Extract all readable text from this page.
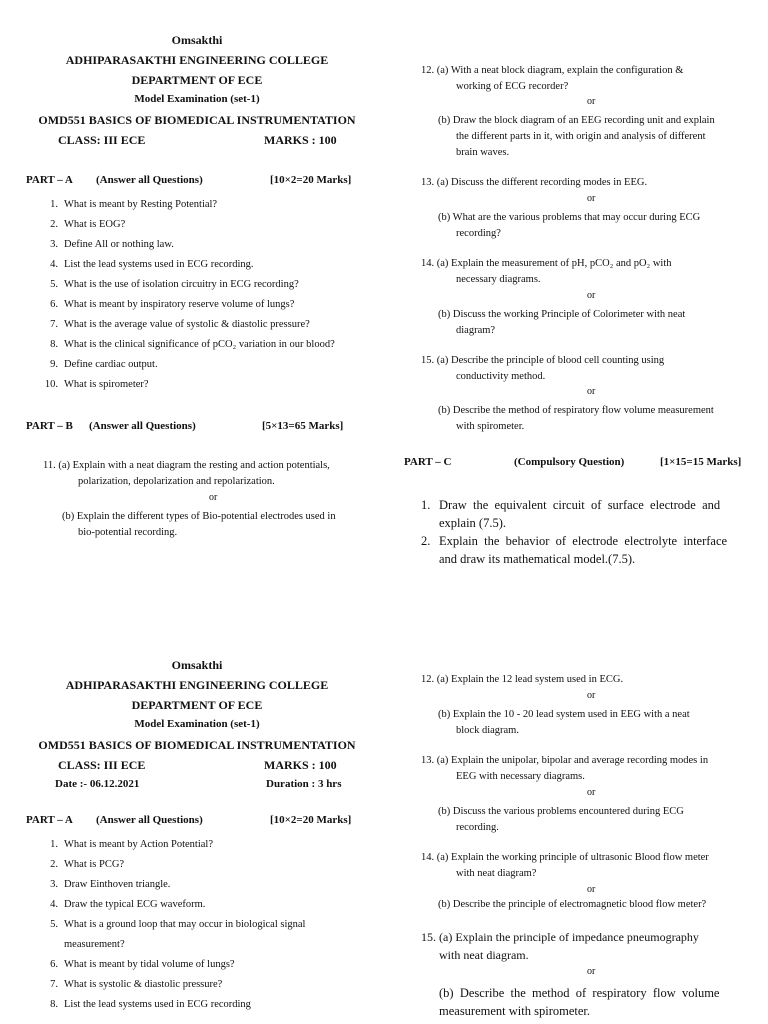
Omsakthi
ADHIPARASAKTHI ENGINEERING COLLEGE
DEPARTMENT OF ECE
Model Examination (set-1)
OMD551 BASICS OF BIOMEDICAL INSTRUMENTATION
CLASS: III ECE	MARKS : 100
PART – A (Answer all Questions)	[10×2=20 Marks]
1. What is meant by Resting Potential?
2. What is EOG?
3. Define All or nothing law.
4. List the lead systems used in ECG recording.
5. What is the use of isolation circuitry in ECG recording?
6. What is meant by inspiratory reserve volume of lungs?
7. What is the average value of systolic & diastolic pressure?
8. What is the clinical significance of pCO₂ variation in our blood?
9. Define cardiac output.
10. What is spirometer?
PART – B (Answer all Questions)	[5×13=65 Marks]
11. (a) Explain with a neat diagram the resting and action potentials,
polarization, depolarization and repolarization.
or
(b) Explain the different types of Bio-potential electrodes used in
bio-potential recording.
12. (a) With a neat block diagram, explain the configuration &
working of ECG recorder?
or
(b) Draw the block diagram of an EEG recording unit and explain
the different parts in it, with origin and analysis of different
brain waves.
13. (a) Discuss the different recording modes in EEG.
or
(b) What are the various problems that may occur during ECG
recording?
14. (a) Explain the measurement of pH, pCO₂ and pO₂ with
necessary diagrams.
or
(b) Discuss the working Principle of Colorimeter with neat
diagram?
15. (a) Describe the principle of blood cell counting using
conductivity method.
or
(b) Describe the method of respiratory flow volume measurement
with spirometer.
PART – C	(Compulsory Question)	[1×15=15 Marks]
1. Draw  the  equivalent  circuit  of  surface  electrode  and
explain (7.5).
2. Explain  the  behavior  of  electrode  electrolyte  interface
and draw its mathematical model.(7.5).
Omsakthi
ADHIPARASAKTHI ENGINEERING COLLEGE
DEPARTMENT OF ECE
Model Examination (set-1)
OMD551 BASICS OF BIOMEDICAL INSTRUMENTATION
CLASS: III ECE	MARKS : 100
Date :- 06.12.2021	Duration : 3 hrs
PART – A (Answer all Questions)	[10×2=20 Marks]
1. What is meant by Action Potential?
2. What is PCG?
3. Draw Einthoven triangle.
4. Draw the typical ECG waveform.
5. What is a ground loop that may occur in biological signal
measurement?
6. What is meant by tidal volume of lungs?
7. What is systolic & diastolic pressure?
8. List the lead systems used in ECG recording
12. (a) Explain the 12 lead system used in ECG.
or
(b) Explain the 10 - 20 lead system used in EEG with a neat
block diagram.
13. (a) Explain the unipolar, bipolar and average recording modes in
EEG with necessary diagrams.
or
(b) Discuss the various problems encountered during ECG
recording.
14. (a) Explain the working principle of ultrasonic Blood flow meter
with neat diagram?
or
(b) Describe the principle of electromagnetic blood flow meter?
15. (a) Explain the principle of impedance pneumography
with neat diagram.
or
(b)  Describe  the  method  of  respiratory  flow  volume
measurement with spirometer.
